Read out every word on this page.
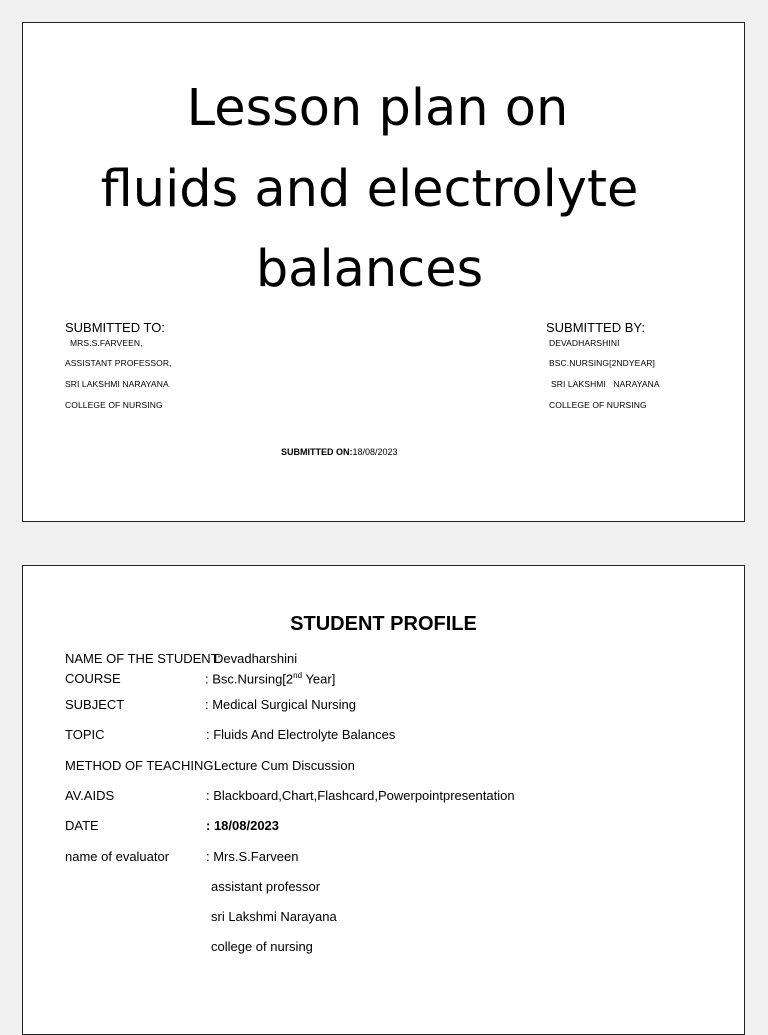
Lesson plan on
fluids and electrolyte
balances
SUBMITTED TO:
MRS.S.FARVEEN,
ASSISTANT PROFESSOR,
SRI LAKSHMI NARAYANA
COLLEGE OF NURSING
SUBMITTED BY:
DEVADHARSHINI
BSC.NURSING[2NDYEAR]
SRI LAKSHMI   NARAYANA
COLLEGE OF NURSING
SUBMITTED ON:18/08/2023
STUDENT PROFILE
NAME OF THE STUDENT:
Devadharshini
COURSE	: Bsc.Nursing[2nd Year]
SUBJECT	: Medical Surgical Nursing
TOPIC	: Fluids And Electrolyte Balances
METHOD OF TEACHING:
Lecture Cum Discussion
AV.AIDS	: Blackboard,Chart,Flashcard,Powerpointpresentation
DATE	: 18/08/2023
name of evaluator	: Mrs.S.Farveen
assistant professor
sri Lakshmi Narayana
college of nursing
